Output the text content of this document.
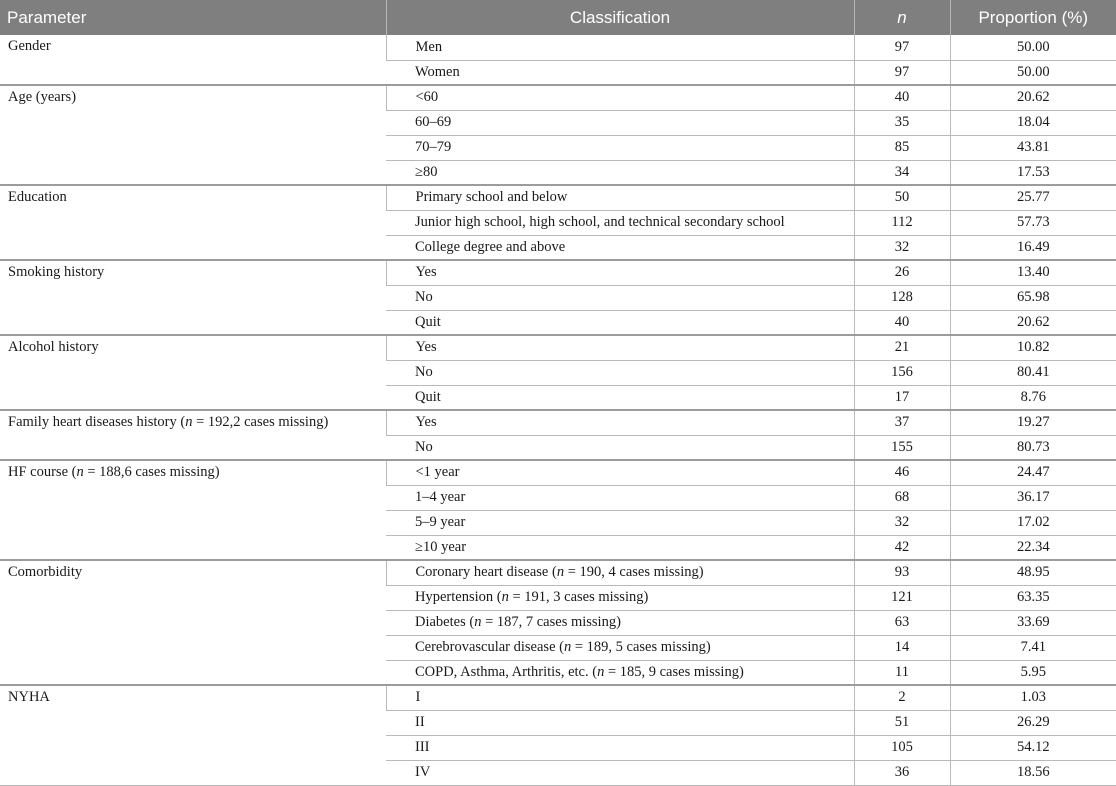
Parameter	Classification	n	Proportion (%)
Gender	Men	97	50.00
	Women	97	50.00
Age (years)	<60	40	20.62
	60–69	35	18.04
	70–79	85	43.81
	≥80	34	17.53
Education	Primary school and below	50	25.77
	Junior high school, high school, and technical secondary school	112	57.73
	College degree and above	32	16.49
Smoking history	Yes	26	13.40
	No	128	65.98
	Quit	40	20.62
Alcohol history	Yes	21	10.82
	No	156	80.41
	Quit	17	8.76
Family heart diseases history (n = 192,2 cases missing)	Yes	37	19.27
	No	155	80.73
HF course (n = 188,6 cases missing)	<1 year	46	24.47
	1–4 year	68	36.17
	5–9 year	32	17.02
	≥10 year	42	22.34
Comorbidity	Coronary heart disease (n = 190, 4 cases missing)	93	48.95
	Hypertension (n = 191, 3 cases missing)	121	63.35
	Diabetes (n = 187, 7 cases missing)	63	33.69
	Cerebrovascular disease (n = 189, 5 cases missing)	14	7.41
	COPD, Asthma, Arthritis, etc. (n = 185, 9 cases missing)	11	5.95
NYHA	I	2	1.03
	II	51	26.29
	III	105	54.12
	IV	36	18.56
